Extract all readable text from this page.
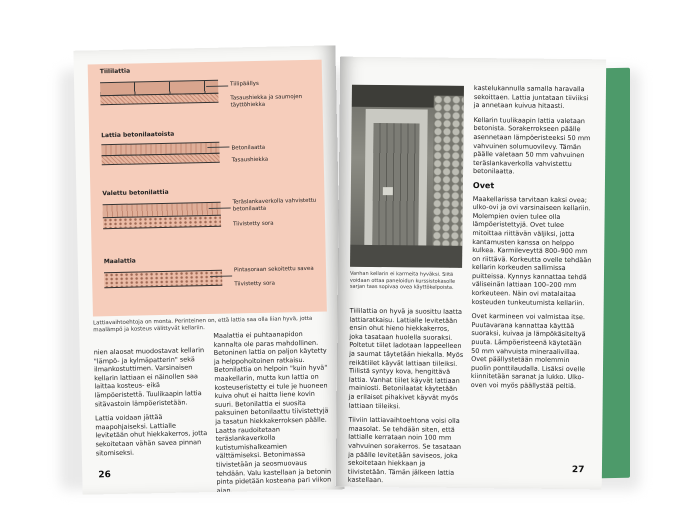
Tiililattia
Tiilipäällys
Tasaushiekka ja saumojen täyttöhiekka
Lattia betonilaatoista
Betonilaatta
Tasaushiekka
Valettu betonilattia
Teräslankaverkolla vahvistettu betonilaatta
Tiivistetty sora
Maalattia
Pintasoraan sekoitettu savea
Tiivistetty sora
Lattiavaihtoehtoja on monta. Perinteinen on, että lattia saa olla liian hyvä, jotta maalämpö ja kosteus välittyvät kellariin.

nien alaosat muodostavat kellarin "lämpö- ja kylmäpatterin" sekä ilmankostuttimen. Varsinaisen kellarin lattiaan ei näinollen saa laittaa kosteus- eikä lämpöeristettä. Tuulikaapin lattia sitävastoin lämpöeristetään.

Lattia voidaan jättää maapohjaiseksi. Lattialle levitetään ohut hiekkakerros, jotta sekoitetaan vähän savea pinnan sitomiseksi.

Maalattia ei puhtaanapidon kannalta ole paras mahdollinen. Betoninen lattia on paljon käytetty ja helppohoitoinen ratkaisu. Betonilattia on helpoin "kuin hyvä" maakellarin, mutta kun lattia on kosteuseristetty ei tule je huoneen kuiva ohut ei haitta liene kovin suuri. Betonilattia ei suosita paksuinen betonilaattu tiivistettyjä ja tasatun hiekkakerroksen päälle. Laatta raudoitetaan teräslankaverkolla kutistumishalkeamien välttämiseksi. Betonimassa tiivistetään ja seosmuovaus tehdään. Valu kastellaan ja betonin pinta pidetään kosteana pari viikon ajan.

26
Vanhan kellarin ei karmeita hyväksi. Siitä voidaan ottaa paneloidun kurssistokasolle sarjan taas sopivaa ovea käyttökelpoista.

Tiililattia on hyvä ja suosittu laatta lattiaratkaisu. Lattialle levitetään ensin ohut hieno hiekkakerros, joka tasataan huolella suoraksi. Poltetut tiilet ladotaan lappeelleen ja saumat täytetään hiekalla. Myös reikätiilet käyvät lattiaan tiileiksi. Tiilistä syntyy kova, hengittävä lattia. Vanhat tiilet käyvät lattiaan mainiosti. Betonilaatat käytetään ja erilaiset pihakivet käyvät myös lattiaan tiileiksi.

Tiiviin lattiavaihtoehtona voisi olla maasolat. Se tehdään siten, että lattialle kerrataan noin 100 mm vahvuinen sorakerros. Se tasataan ja päälle levitetään saviseos, joka sekoitetaan hiekkaan ja tiivistetään. Tämän jälkeen lattia kastellaan.

kastelukannulla samalla haravalla sekoittaen. Lattia juntataan tiiviiksi ja annetaan kuivua hitaasti.

Kellarin tuulikaapin lattia valetaan betonista. Sorakerrokseen päälle asennetaan lämpöeristeeksi 50 mm vahvuinen solumuovilevy. Tämän päälle valetaan 50 mm vahvuinen teräslankaverkolla vahvistettu betonilaatta.

Ovet

Maakellarissa tarvitaan kaksi ovea; ulko-ovi ja ovi varsinaiseen kellariin. Molempien ovien tulee olla lämpöeristettyjä. Ovet tulee mitoittaa riittävän väljiksi, jotta kantamusten kanssa on helppo kulkea. Karmileveyttä 800–900 mm on riittävä. Korkeutta ovelle tehdään kellarin korkeuden sallimissa puitteissa. Kynnys kannattaa tehdä väliseinän lattiaan 100–200 mm korkeuteen. Näin ovi matalaitaa kosteuden tunkeutumista kellariin.

Ovet karmineen voi valmistaa itse. Puutavarana kannattaa käyttää suoraksi, kuivaa ja lämpökäsiteltyä puuta. Lämpöeristeenä käytetään 50 mm vahvuista mineraalivillaa. Ovet päällystetään molemmin puolin ponttilaudalla. Lisäksi ovelle kiinnitetään saranat ja lukko. Ulko-oven voi myös päällystää peltiä.

27
